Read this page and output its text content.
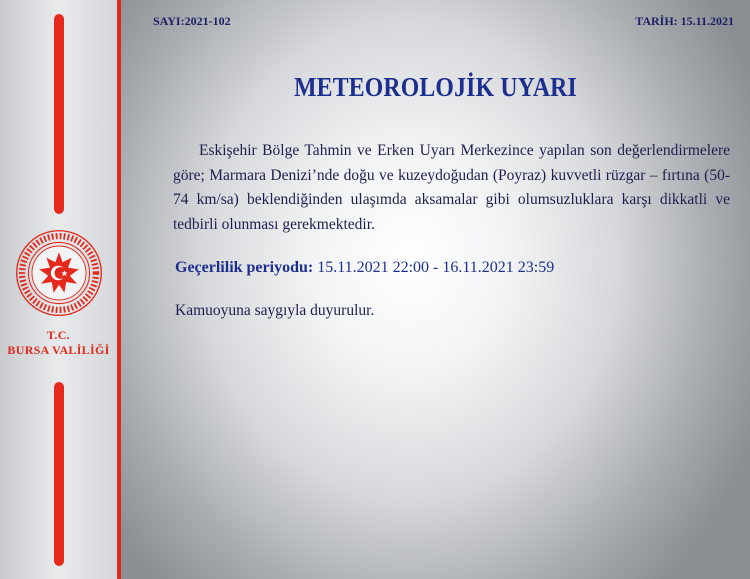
T.C.
BURSA VALİLİĞİ
SAYI:2021-102	TARİH: 15.11.2021
METEOROLOJİK UYARI
Eskişehir Bölge Tahmin ve Erken Uyarı Merkezince yapılan son değerlendirmelere göre; Marmara Denizi’nde doğu ve kuzeydoğudan (Poyraz) kuvvetli rüzgar – fırtına (50-74 km/sa) beklendiğinden ulaşımda aksamalar gibi olumsuzluklara karşı dikkatli ve tedbirli olunması gerekmektedir.
Geçerlilik periyodu: 15.11.2021 22:00 - 16.11.2021 23:59
Kamuoyuna saygıyla duyurulur.
